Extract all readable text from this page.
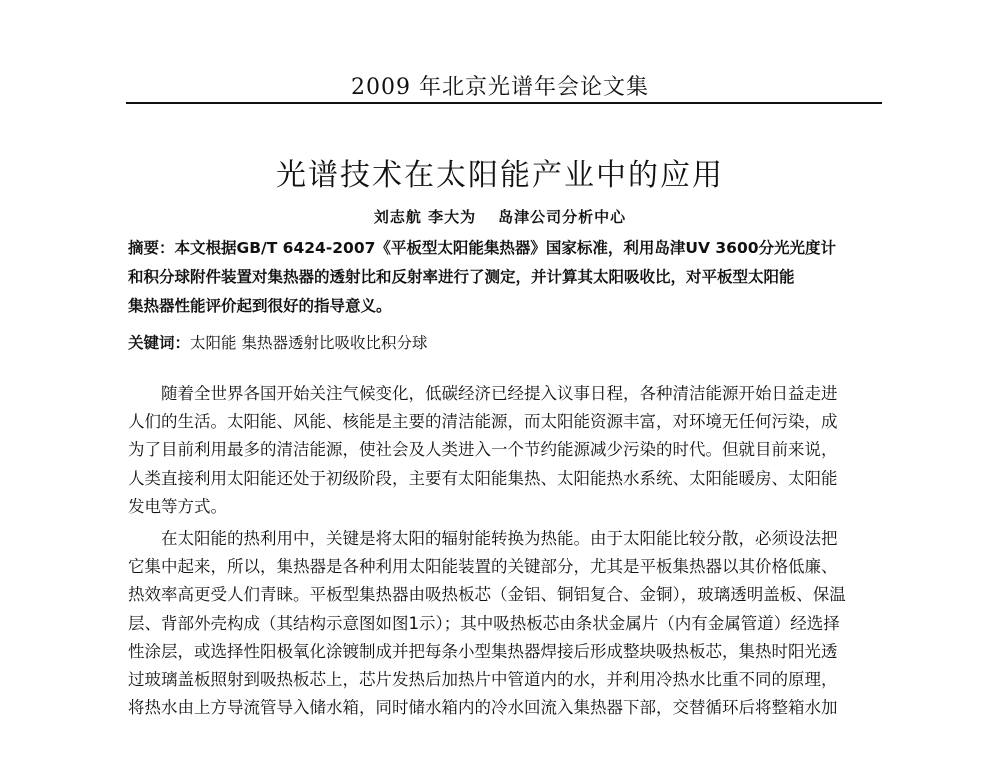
2009 年北京光谱年会论文集
光谱技术在太阳能产业中的应用
刘志航 李大为 岛津公司分析中心
摘要：本文根据GB/T 6424-2007《平板型太阳能集热器》国家标准，利用岛津UV 3600分光光度计
和积分球附件装置对集热器的透射比和反射率进行了测定，并计算其太阳吸收比，对平板型太阳能
集热器性能评价起到很好的指导意义。
关键词：太阳能 集热器透射比吸收比积分球

随着全世界各国开始关注气候变化，低碳经济已经提入议事日程，各种清洁能源开始日益走进
人们的生活。太阳能、风能、核能是主要的清洁能源，而太阳能资源丰富，对环境无任何污染，成
为了目前利用最多的清洁能源，使社会及人类进入一个节约能源减少污染的时代。但就目前来说，
人类直接利用太阳能还处于初级阶段，主要有太阳能集热、太阳能热水系统、太阳能暖房、太阳能
发电等方式。

在太阳能的热利用中，关键是将太阳的辐射能转换为热能。由于太阳能比较分散，必须设法把
它集中起来，所以，集热器是各种利用太阳能装置的关键部分，尤其是平板集热器以其价格低廉、
热效率高更受人们青睐。平板型集热器由吸热板芯（金铝、铜铝复合、金铜），玻璃透明盖板、保温
层、背部外壳构成（其结构示意图如图1示）；其中吸热板芯由条状金属片（内有金属管道）经选择
性涂层，或选择性阳极氧化涂镀制成并把每条小型集热器焊接后形成整块吸热板芯，集热时阳光透
过玻璃盖板照射到吸热板芯上，芯片发热后加热片中管道内的水，并利用冷热水比重不同的原理，
将热水由上方导流管导入储水箱，同时储水箱内的冷水回流入集热器下部，交替循环后将整箱水加
